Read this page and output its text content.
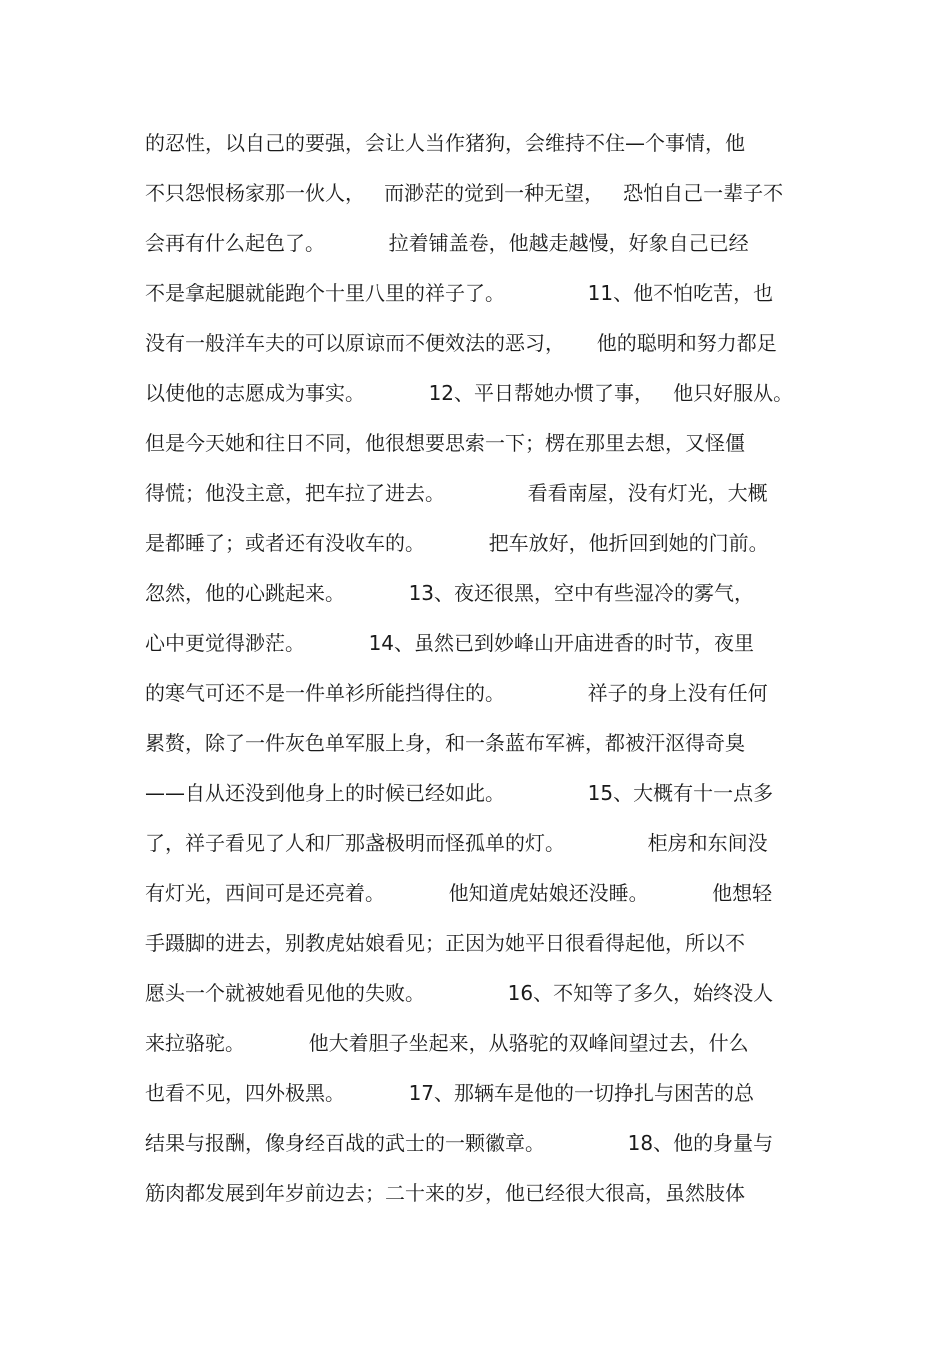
的忍性，以自己的要强，会让人当作猪狗，会维持不住—个事情，他
不只怨恨杨家那一伙人，   而渺茫的觉到一种无望，   恐怕自己一辈子不
会再有什么起色了。          拉着铺盖卷，他越走越慢，好象自己已经
不是拿起腿就能跑个十里八里的祥子了。             11、他不怕吃苦，也
没有一般洋车夫的可以原谅而不便效法的恶习，     他的聪明和努力都足
以使他的志愿成为事实。          12、平日帮她办惯了事，   他只好服从。
但是今天她和往日不同，他很想要思索一下；楞在那里去想，又怪僵
得慌；他没主意，把车拉了进去。             看看南屋，没有灯光，大概
是都睡了；或者还有没收车的。          把车放好，他折回到她的门前。
忽然，他的心跳起来。          13、夜还很黑，空中有些湿冷的雾气，
心中更觉得渺茫。          14、虽然已到妙峰山开庙进香的时节，夜里
的寒气可还不是一件单衫所能挡得住的。             祥子的身上没有任何
累赘，除了一件灰色单军服上身，和一条蓝布军裤，都被汗沤得奇臭
——自从还没到他身上的时候已经如此。             15、大概有十一点多
了，祥子看见了人和厂那盏极明而怪孤单的灯。             柜房和东间没
有灯光，西间可是还亮着。          他知道虎姑娘还没睡。          他想轻
手蹑脚的进去，别教虎姑娘看见；正因为她平日很看得起他，所以不
愿头一个就被她看见他的失败。             16、不知等了多久，始终没人
来拉骆驼。          他大着胆子坐起来，从骆驼的双峰间望过去，什么
也看不见，四外极黑。          17、那辆车是他的一切挣扎与困苦的总
结果与报酬，像身经百战的武士的一颗徽章。             18、他的身量与
筋肉都发展到年岁前边去；二十来的岁，他已经很大很高，虽然肢体
